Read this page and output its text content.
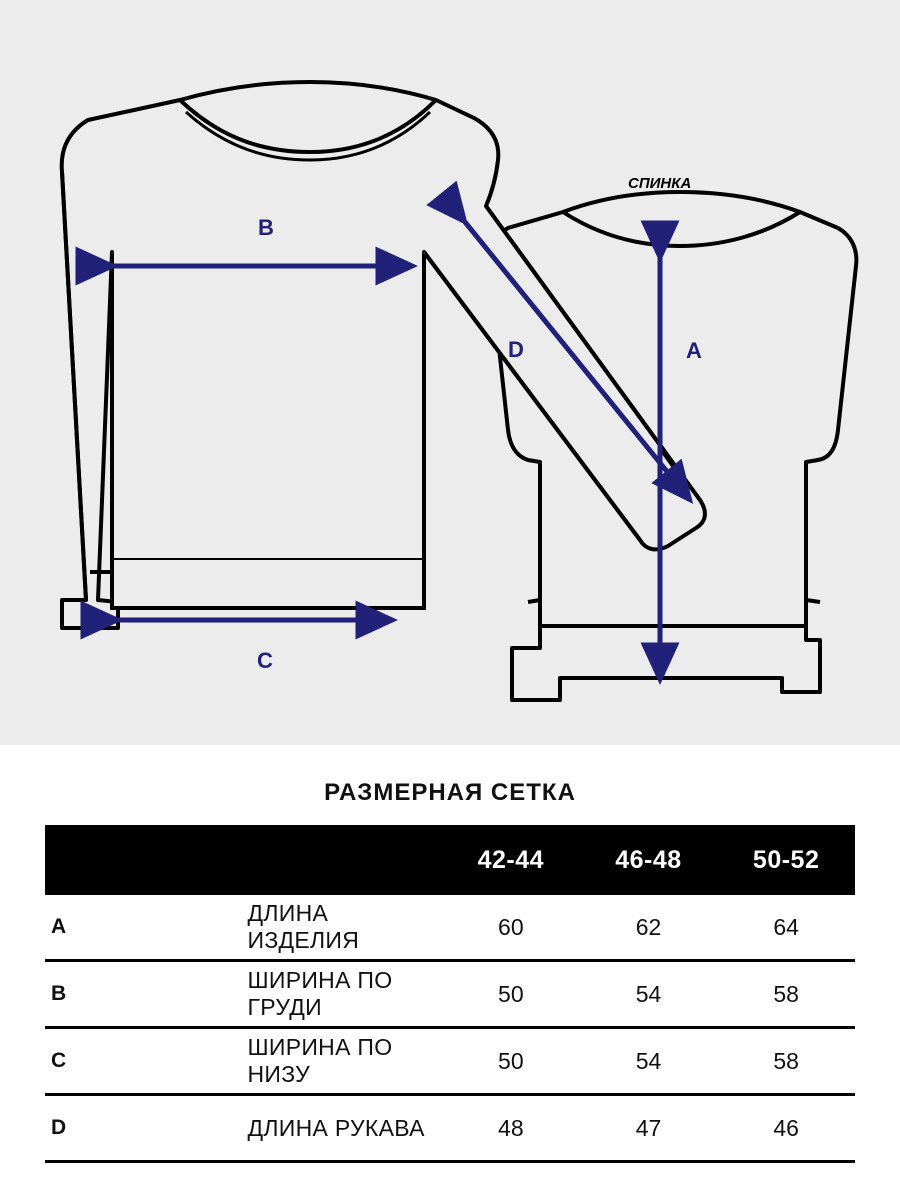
СПИНКА
B
C
D	A
РАЗМЕРНАЯ СЕТКА
		42-44	46-48	50-52
A	ДЛИНА ИЗДЕЛИЯ	60	62	64
B	ШИРИНА ПО ГРУДИ	50	54	58
C	ШИРИНА ПО НИЗУ	50	54	58
D	ДЛИНА РУКАВА	48	47	46
